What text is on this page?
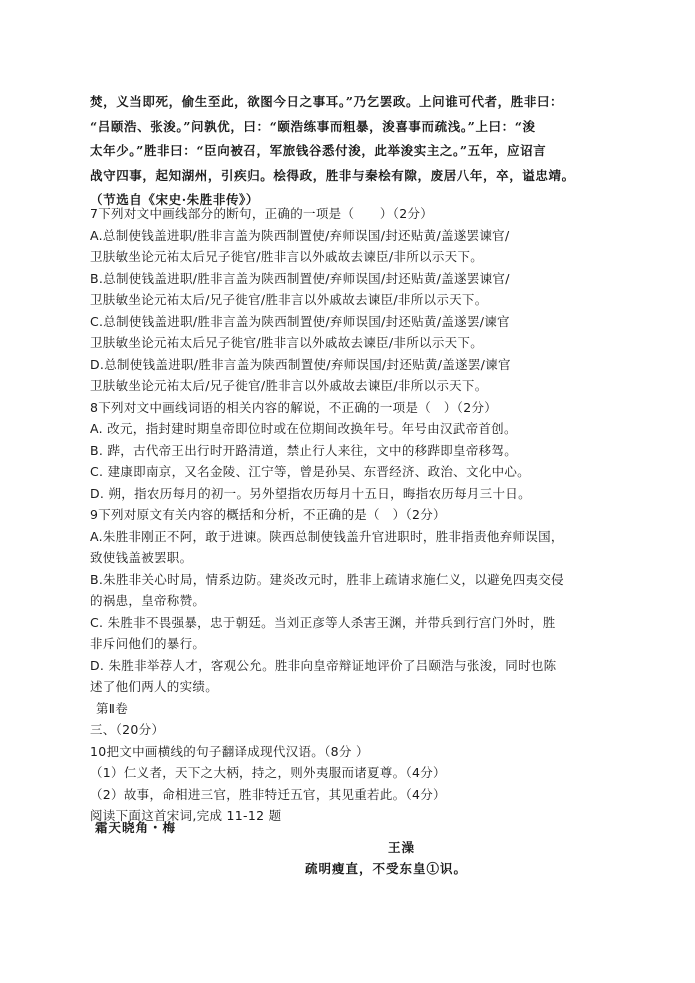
焚，义当即死，偷生至此，欲图今日之事耳。”乃乞罢政。上问谁可代者，胜非曰：

“吕颐浩、张浚。”问孰优，曰：“颐浩练事而粗暴，浚喜事而疏浅。”上曰：“浚

太年少。”胜非曰：“臣向被召，军旅钱谷悉付浚，此举浚实主之。”五年，应诏言

战守四事，起知湖州，引疾归。桧得政，胜非与秦桧有隙，废居八年，卒，谥忠靖。

（节选自《宋史·朱胜非传》）

7下列对文中画线部分的断句，正确的一项是（　　）（2分）

A.总制使钱盖进职/胜非言盖为陕西制置使/弃师误国/封还贴黄/盖遂罢谏官/

卫肤敏坐论元祐太后兄子徙官/胜非言以外戚故去谏臣/非所以示天下。

B.总制使钱盖进职/胜非言盖为陕西制置使/弃师误国/封还贴黄/盖遂罢谏官/

卫肤敏坐论元祐太后/兄子徙官/胜非言以外戚故去谏臣/非所以示天下。

C.总制使钱盖进职/胜非言盖为陕西制置使/弃师误国/封还贴黄/盖遂罢/谏官

卫肤敏坐论元祐太后兄子徙官/胜非言以外戚故去谏臣/非所以示天下。

D.总制使钱盖进职/胜非言盖为陕西制置使/弃师误国/封还贴黄/盖遂罢/谏官

卫肤敏坐论元祐太后/兄子徙官/胜非言以外戚故去谏臣/非所以示天下。

8下列对文中画线词语的相关内容的解说，不正确的一项是（　）（2分）

A. 改元，指封建时期皇帝即位时或在位期间改换年号。年号由汉武帝首创。

B. 跸，古代帝王出行时开路清道，禁止行人来往，文中的移跸即皇帝移驾。

C. 建康即南京，又名金陵、江宁等，曾是孙吴、东晋经济、政治、文化中心。

D. 朔，指农历每月的初一。另外望指农历每月十五日，晦指农历每月三十日。

9下列对原文有关内容的概括和分析，不正确的是（　）（2分）

A.朱胜非刚正不阿，敢于进谏。陕西总制使钱盖升官进职时，胜非指责他弃师误国，

致使钱盖被罢职。

B.朱胜非关心时局，情系边防。建炎改元时，胜非上疏请求施仁义，以避免四夷交侵

的祸患，皇帝称赞。

C. 朱胜非不畏强暴，忠于朝廷。当刘正彦等人杀害王渊，并带兵到行宫门外时，胜

非斥问他们的暴行。

D. 朱胜非举荐人才，客观公允。胜非向皇帝辩证地评价了吕颐浩与张浚，同时也陈

述了他们两人的实绩。

第Ⅱ卷

三、（20分）

10把文中画横线的句子翻译成现代汉语。（8分 ）

（1）仁义者，天下之大柄，持之，则外夷服而诸夏尊。（4分）

（2）故事，命相进三官，胜非特迁五官，其见重若此。（4分）

阅读下面这首宋词,完成 11-12 题

霜天晓角・梅
王澡
疏明瘦直，不受东皇①识。
